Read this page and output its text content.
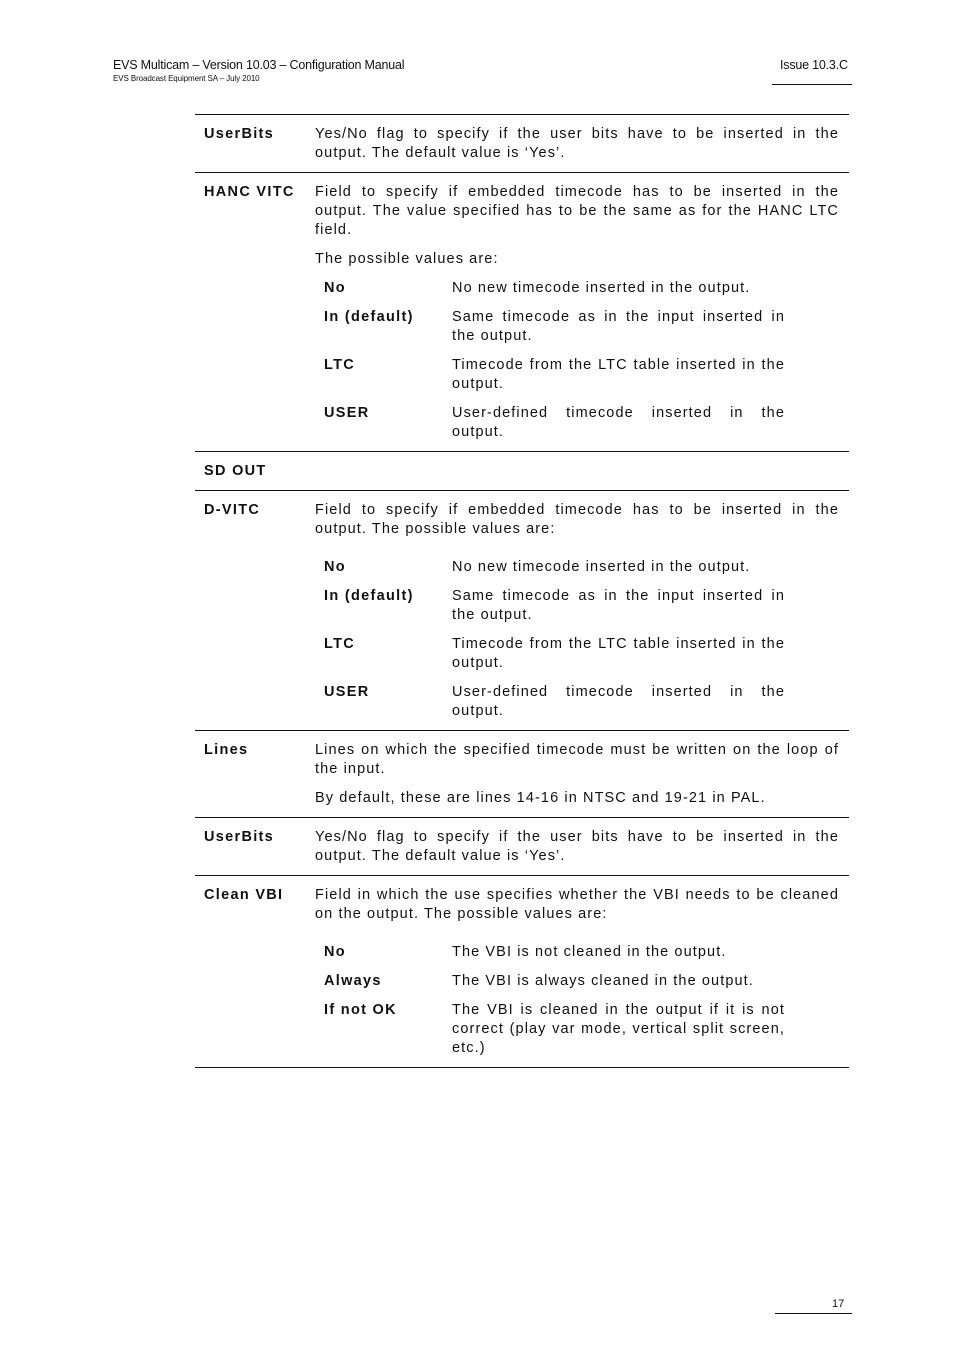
EVS Multicam – Version 10.03 – Configuration Manual
EVS Broadcast Equipment SA – July 2010
Issue 10.3.C
UserBits	Yes/No flag to specify if the user bits have to be inserted in the output. The default value is ‘Yes’.

HANC VITC	Field to specify if embedded timecode has to be inserted in the output. The value specified has to be the same as for the HANC LTC field.

The possible values are:

No	No new timecode inserted in the output.
In (default)	Same timecode as in the input inserted in the output.
LTC	Timecode from the LTC table inserted in the output.
USER	User-defined timecode inserted in the output.
SD OUT
D-VITC	Field to specify if embedded timecode has to be inserted in the output. The possible values are:

No	No new timecode inserted in the output.
In (default)	Same timecode as in the input inserted in the output.
LTC	Timecode from the LTC table inserted in the output.
USER	User-defined timecode inserted in the output.
Lines	Lines on which the specified timecode must be written on the loop of the input.

By default, these are lines 14-16 in NTSC and 19-21 in PAL.

UserBits	Yes/No flag to specify if the user bits have to be inserted in the output. The default value is ‘Yes’.

Clean VBI	Field in which the use specifies whether the VBI needs to be cleaned on the output. The possible values are:

No	The VBI is not cleaned in the output.
Always	The VBI is always cleaned in the output.
If not OK	The VBI is cleaned in the output if it is not correct (play var mode, vertical split screen, etc.)
17
